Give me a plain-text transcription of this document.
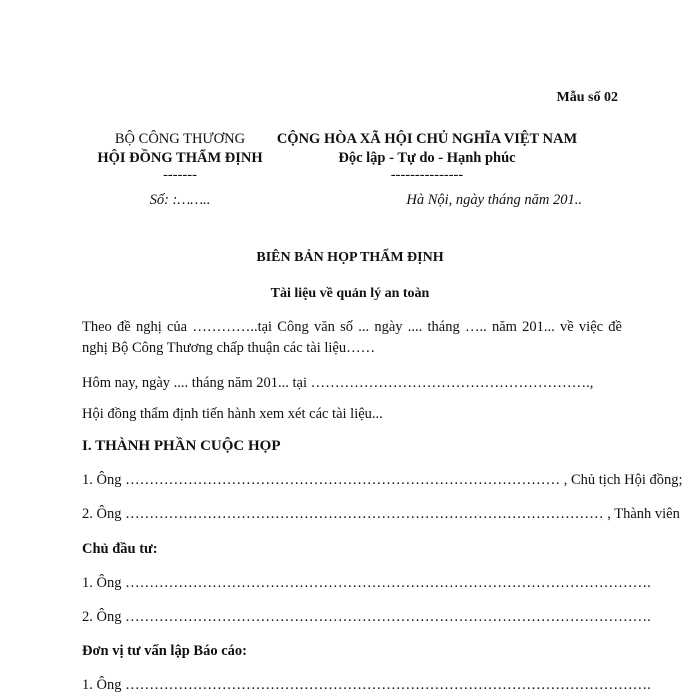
Mẫu số 02
BỘ CÔNG THƯƠNG
HỘI ĐỒNG THẨM ĐỊNH
-------
CỘNG HÒA XÃ HỘI CHỦ NGHĨA VIỆT NAM
Độc lập - Tự do - Hạnh phúc
---------------
Số: :……..	Hà Nội, ngày tháng năm 201..
BIÊN BẢN HỌP THẨM ĐỊNH
Tài liệu về quản lý an toàn
Theo đề nghị của …………..tại Công văn số ... ngày .... tháng ….. năm 201... về việc đề nghị Bộ Công Thương chấp thuận các tài liệu……
Hôm nay, ngày .... tháng năm 201... tại ………………………………………………….,
Hội đồng thẩm định tiến hành xem xét các tài liệu...
I. THÀNH PHẦN CUỘC HỌP
1. Ông ……………………………………………………………………………… , Chủ tịch Hội đồng;
2. Ông ……………………………………………………………………………………… , Thành viên
Chủ đầu tư:
1. Ông ……………………………………………………………………………………………….
2. Ông ……………………………………………………………………………………………….
Đơn vị tư vấn lập Báo cáo:
1. Ông ……………………………………………………………………………………………….
